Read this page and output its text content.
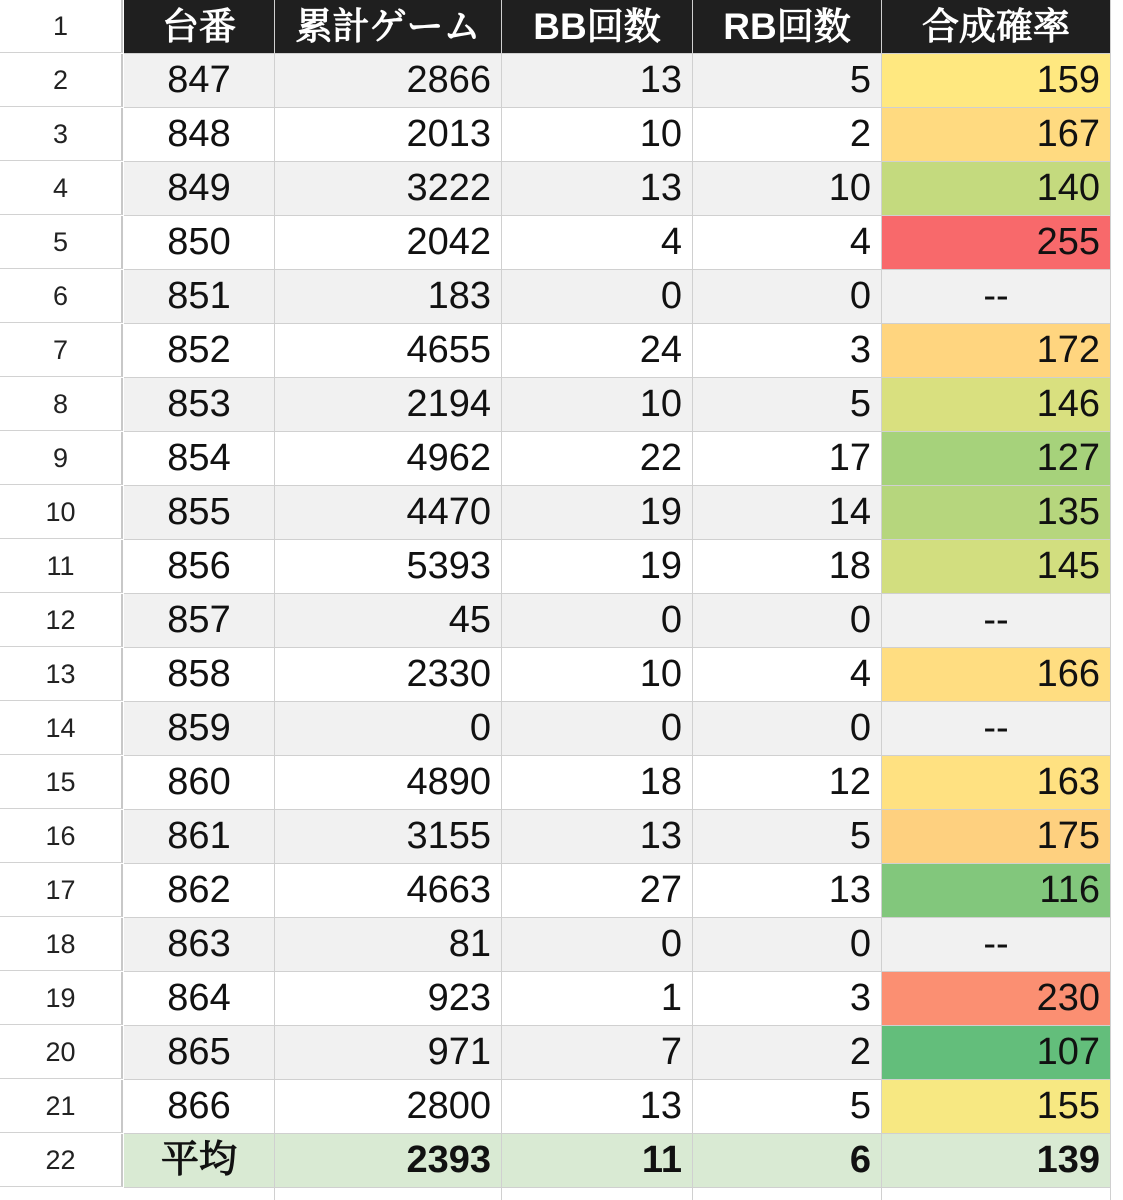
1	台番	累計ゲーム	BB回数	RB回数	合成確率
2	847	2866	13	5	159
3	848	2013	10	2	167
4	849	3222	13	10	140
5	850	2042	4	4	255
6	851	183	0	0	--
7	852	4655	24	3	172
8	853	2194	10	5	146
9	854	4962	22	17	127
10	855	4470	19	14	135
11	856	5393	19	18	145
12	857	45	0	0	--
13	858	2330	10	4	166
14	859	0	0	0	--
15	860	4890	18	12	163
16	861	3155	13	5	175
17	862	4663	27	13	116
18	863	81	0	0	--
19	864	923	1	3	230
20	865	971	7	2	107
21	866	2800	13	5	155
22	平均	2393	11	6	139
